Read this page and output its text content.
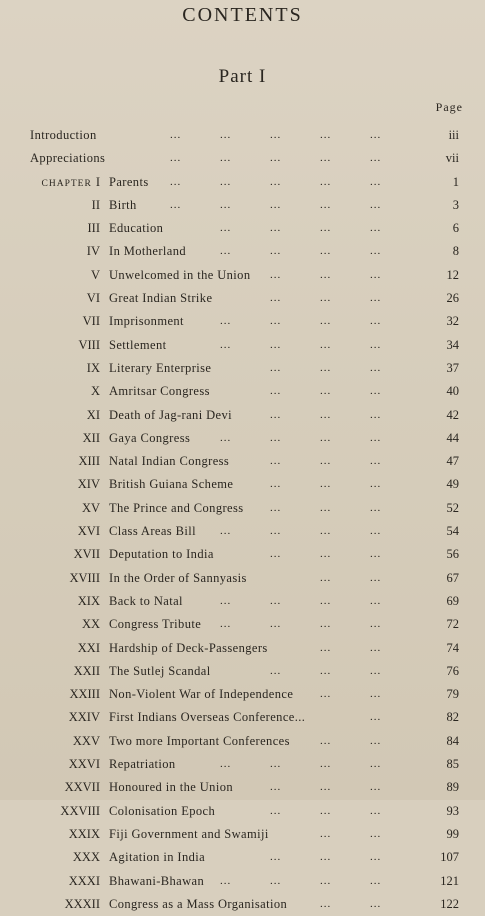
CONTENTS
Part I
Page
Introduction	...	...	...	...	...	iii
Appreciations	...	...	...	...	...	vii
CHAPTER I Parents ...	...	...	...	...	1
II Birth	...	...	...	...	...	3
III Education	...	...	...	...	6
IV In Motherland	...	...	...	...	8
V Unwelcomed in the Union ...	...	...	12
VI Great Indian Strike	...	...	...	26
VII Imprisonment	...	...	...	...	32
VIII Settlement	...	...	...	...	34
IX Literary Enterprise	...	...	...	37
X Amritsar Congress	...	...	...	40
XI Death of Jag-rani Devi	...	...	...	42
XII Gaya Congress	...	...	...	...	44
XIII Natal Indian Congress	...	...	...	47
XIV British Guiana Scheme	...	...	...	49
XV The Prince and Congress ...	...	...	52
XVI Class Areas Bill ...	...	...	...	54
XVII Deputation to India	...	...	...	56
XVIII In the Order of Sannyasis	...	...	67
XIX Back to Natal	...	...	...	...	69
XX Congress Tribute ...	...	...	...	72
XXI Hardship of Deck-Passengers	...	...	74
XXII The Sutlej Scandal	...	...	...	76
XXIII Non-Violent War of Independence ...	...	79
XXIV First Indians Overseas Conference...	...	82
XXV Two more Important Conferences	...	...	84
XXVI Repatriation	...	...	...	...	85
XXVII Honoured in the Union	...	...	...	89
XXVIII Colonisation Epoch	...	...	...	93
XXIX Fiji Government and Swamiji	...	...	99
XXX Agitation in India	...	...	...	107
XXXI Bhawani-Bhawan ...	...	...	...	121
XXXII Congress as a Mass Organisation	...	...	122
